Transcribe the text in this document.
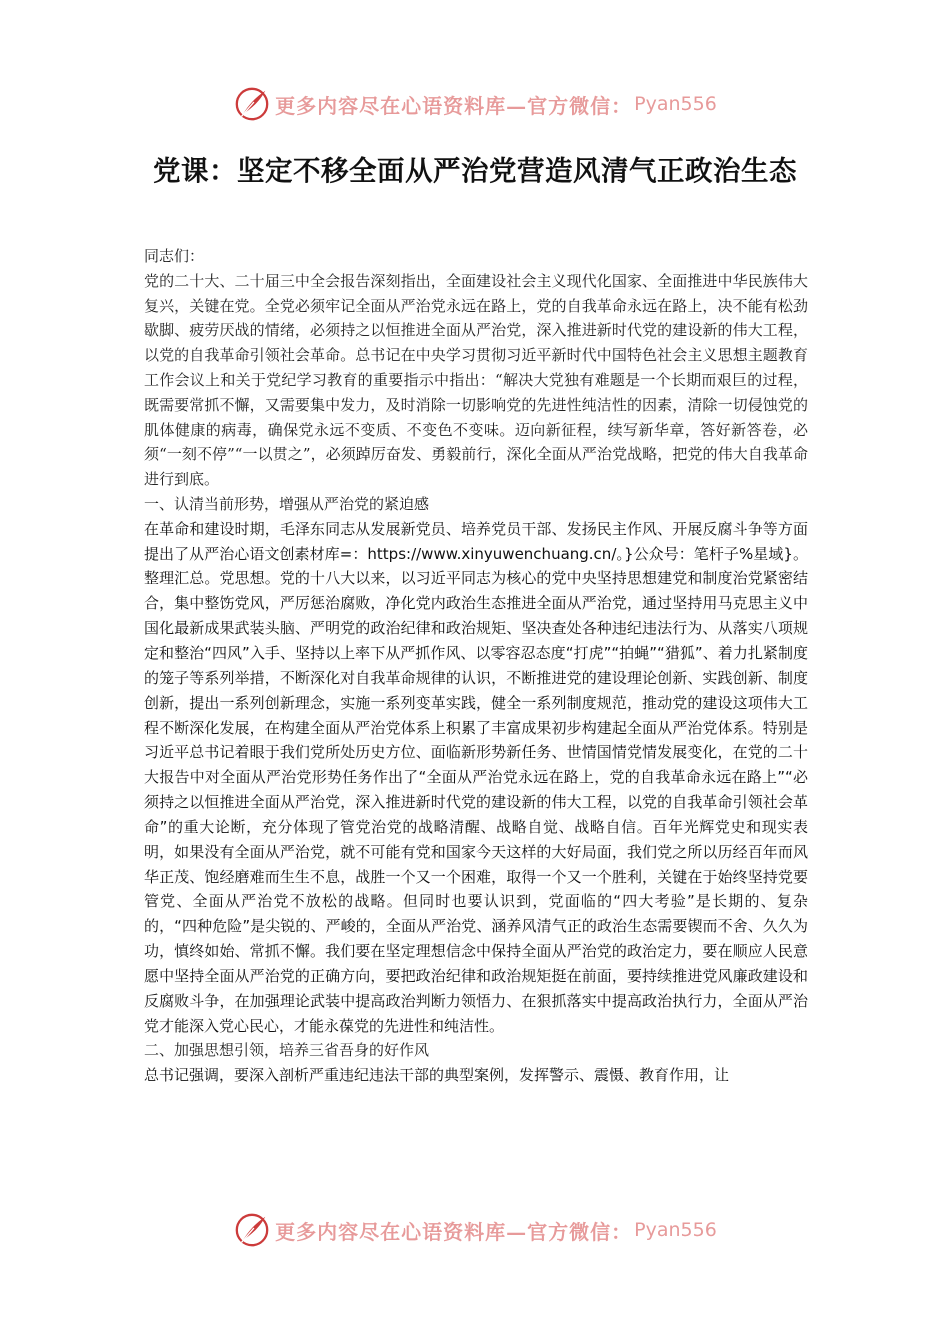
更多内容尽在心语资料库—官方微信： Pyan556
党课：坚定不移全面从严治党营造风清气正政治生态

同志们：

党的二十大、二十届三中全会报告深刻指出，全面建设社会主义现代化国家、全面推进中华民族伟大复兴，关键在党。全党必须牢记全面从严治党永远在路上，党的自我革命永远在路上，决不能有松劲歇脚、疲劳厌战的情绪，必须持之以恒推进全面从严治党，深入推进新时代党的建设新的伟大工程，以党的自我革命引领社会革命。总书记在中央学习贯彻习近平新时代中国特色社会主义思想主题教育工作会议上和关于党纪学习教育的重要指示中指出：“解决大党独有难题是一个长期而艰巨的过程，既需要常抓不懈，又需要集中发力，及时消除一切影响党的先进性纯洁性的因素，清除一切侵蚀党的肌体健康的病毒，确保党永远不变质、不变色不变味。迈向新征程，续写新华章，答好新答卷，必须“一刻不停”“一以贯之”，必须踔厉奋发、勇毅前行，深化全面从严治党战略，把党的伟大自我革命进行到底。

一、认清当前形势，增强从严治党的紧迫感

在革命和建设时期，毛泽东同志从发展新党员、培养党员干部、发扬民主作风、开展反腐斗争等方面提出了从严治心语文创素材库=：https://www.xinyuwenchuang.cn/。}公众号：笔杆子%星域}。整理汇总。党思想。党的十八大以来，以习近平同志为核心的党中央坚持思想建党和制度治党紧密结合，集中整饬党风，严厉惩治腐败，净化党内政治生态推进全面从严治党，通过坚持用马克思主义中国化最新成果武装头脑、严明党的政治纪律和政治规矩、坚决查处各种违纪违法行为、从落实八项规定和整治“四风”入手、坚持以上率下从严抓作风、以零容忍态度“打虎”“拍蝇”“猎狐”、着力扎紧制度的笼子等系列举措，不断深化对自我革命规律的认识，不断推进党的建设理论创新、实践创新、制度创新，提出一系列创新理念，实施一系列变革实践，健全一系列制度规范，推动党的建设这项伟大工程不断深化发展，在构建全面从严治党体系上积累了丰富成果初步构建起全面从严治党体系。特别是习近平总书记着眼于我们党所处历史方位、面临新形势新任务、世情国情党情发展变化，在党的二十大报告中对全面从严治党形势任务作出了“全面从严治党永远在路上，党的自我革命永远在路上”“必须持之以恒推进全面从严治党，深入推进新时代党的建设新的伟大工程，以党的自我革命引领社会革命”的重大论断，充分体现了管党治党的战略清醒、战略自觉、战略自信。百年光辉党史和现实表明，如果没有全面从严治党，就不可能有党和国家今天这样的大好局面，我们党之所以历经百年而风华正茂、饱经磨难而生生不息，战胜一个又一个困难，取得一个又一个胜利，关键在于始终坚持党要管党、全面从严治党不放松的战略。但同时也要认识到，党面临的“四大考验”是长期的、复杂的，“四种危险”是尖锐的、严峻的，全面从严治党、涵养风清气正的政治生态需要锲而不舍、久久为功，慎终如始、常抓不懈。我们要在坚定理想信念中保持全面从严治党的政治定力，要在顺应人民意愿中坚持全面从严治党的正确方向，要把政治纪律和政治规矩挺在前面，要持续推进党风廉政建设和反腐败斗争，在加强理论武装中提高政治判断力领悟力、在狠抓落实中提高政治执行力，全面从严治党才能深入党心民心，才能永葆党的先进性和纯洁性。

二、加强思想引领，培养三省吾身的好作风

总书记强调，要深入剖析严重违纪违法干部的典型案例，发挥警示、震慑、教育作用，让

更多内容尽在心语资料库—官方微信： Pyan556
